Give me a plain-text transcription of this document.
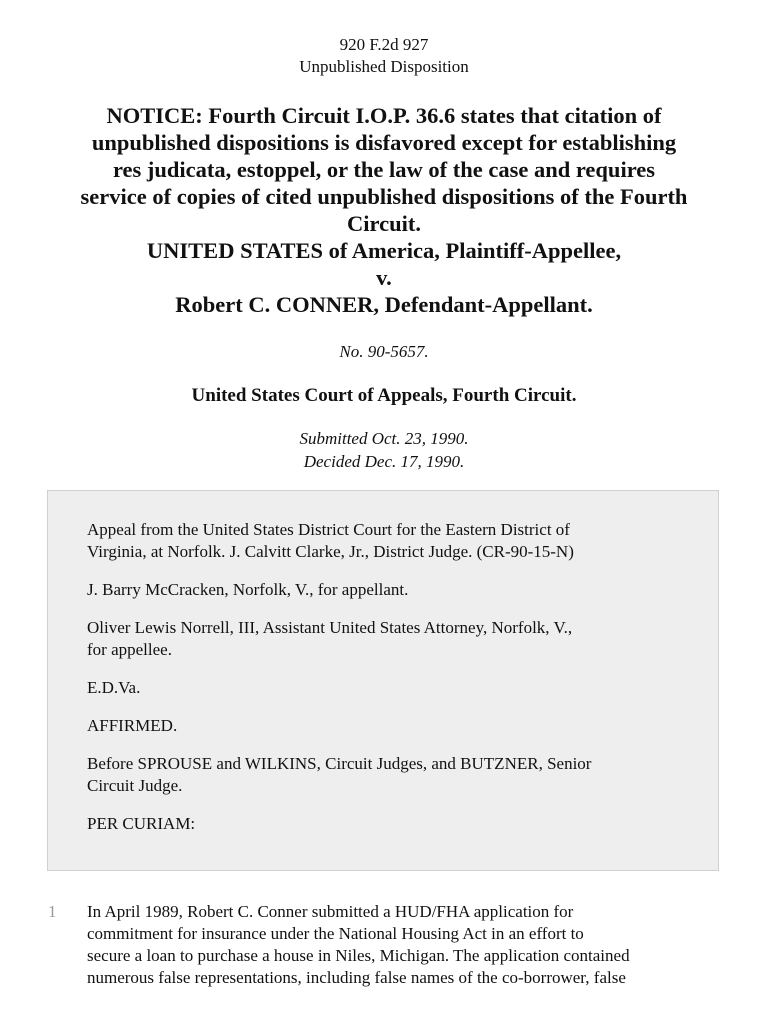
920 F.2d 927
Unpublished Disposition
NOTICE: Fourth Circuit I.O.P. 36.6 states that citation of
unpublished dispositions is disfavored except for establishing
res judicata, estoppel, or the law of the case and requires
service of copies of cited unpublished dispositions of the Fourth
Circuit.
UNITED STATES of America, Plaintiff-Appellee,
v.
Robert C. CONNER, Defendant-Appellant.
No. 90-5657.
United States Court of Appeals, Fourth Circuit.
Submitted Oct. 23, 1990.
Decided Dec. 17, 1990.

Appeal from the United States District Court for the Eastern District of
Virginia, at Norfolk. J. Calvitt Clarke, Jr., District Judge. (CR-90-15-N)

J. Barry McCracken, Norfolk, V., for appellant.

Oliver Lewis Norrell, III, Assistant United States Attorney, Norfolk, V.,
for appellee.

E.D.Va.

AFFIRMED.

Before SPROUSE and WILKINS, Circuit Judges, and BUTZNER, Senior
Circuit Judge.

PER CURIAM:

1 In April 1989, Robert C. Conner submitted a HUD/FHA application for
commitment for insurance under the National Housing Act in an effort to
secure a loan to purchase a house in Niles, Michigan. The application contained
numerous false representations, including false names of the co-borrower, false
